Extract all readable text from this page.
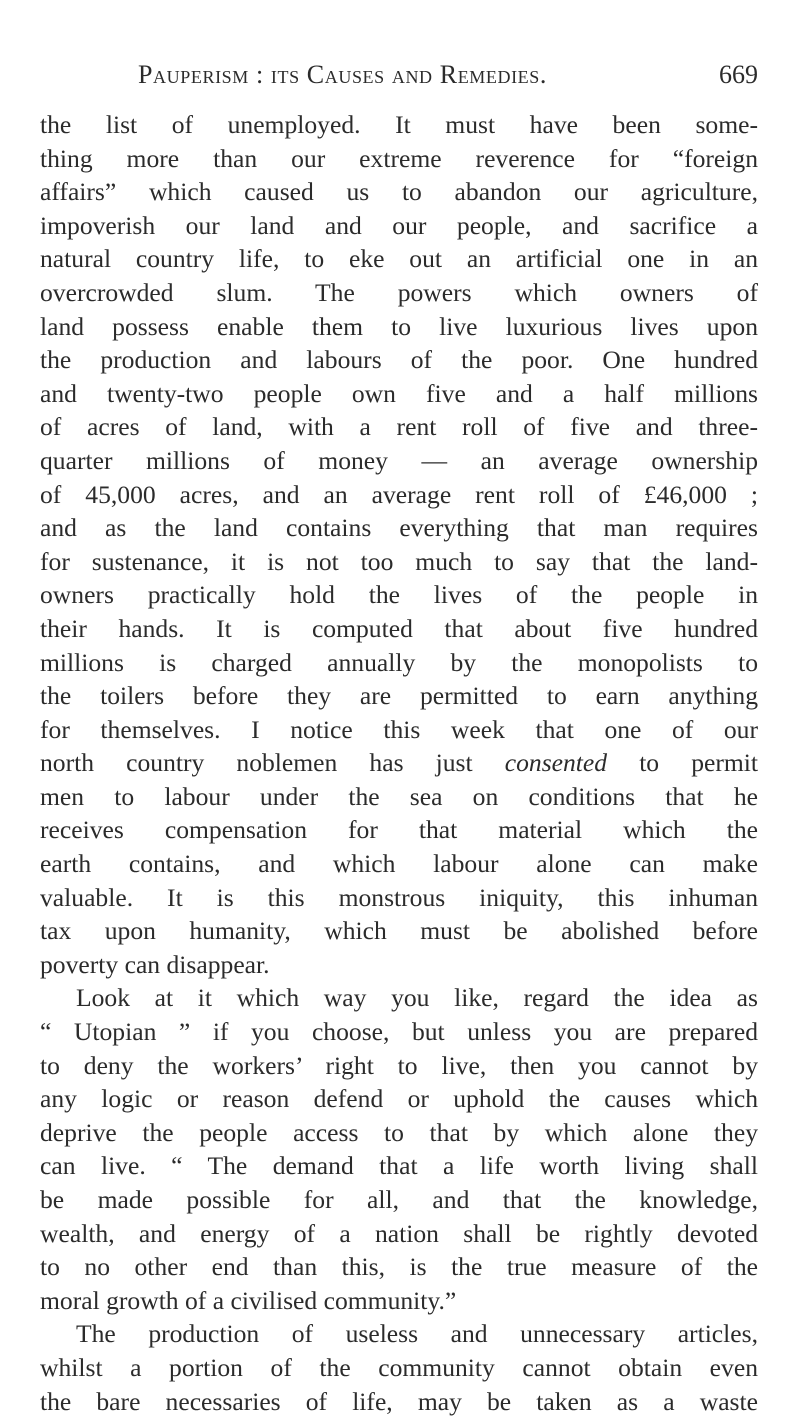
Pauperism : its Causes and Remedies.	669
the list of unemployed. It must have been some-
thing more than our extreme reverence for “foreign
affairs” which caused us to abandon our agriculture,
impoverish our land and our people, and sacrifice a
natural country life, to eke out an artificial one in an
overcrowded slum. The powers which owners of
land possess enable them to live luxurious lives upon
the production and labours of the poor. One hundred
and twenty-two people own five and a half millions
of acres of land, with a rent roll of five and three-
quarter millions of money — an average ownership
of 45,000 acres, and an average rent roll of £46,000 ;
and as the land contains everything that man requires
for sustenance, it is not too much to say that the land-
owners practically hold the lives of the people in
their hands. It is computed that about five hundred
millions is charged annually by the monopolists to
the toilers before they are permitted to earn anything
for themselves. I notice this week that one of our
north country noblemen has just consented to permit
men to labour under the sea on conditions that he
receives compensation for that material which the
earth contains, and which labour alone can make
valuable. It is this monstrous iniquity, this inhuman
tax upon humanity, which must be abolished before
poverty can disappear.
Look at it which way you like, regard the idea as
“ Utopian ” if you choose, but unless you are prepared
to deny the workers’ right to live, then you cannot by
any logic or reason defend or uphold the causes which
deprive the people access to that by which alone they
can live. “ The demand that a life worth living shall
be made possible for all, and that the knowledge,
wealth, and energy of a nation shall be rightly devoted
to no other end than this, is the true measure of the
moral growth of a civilised community.”
The production of useless and unnecessary articles,
whilst a portion of the community cannot obtain even
the bare necessaries of life, may be taken as a waste
